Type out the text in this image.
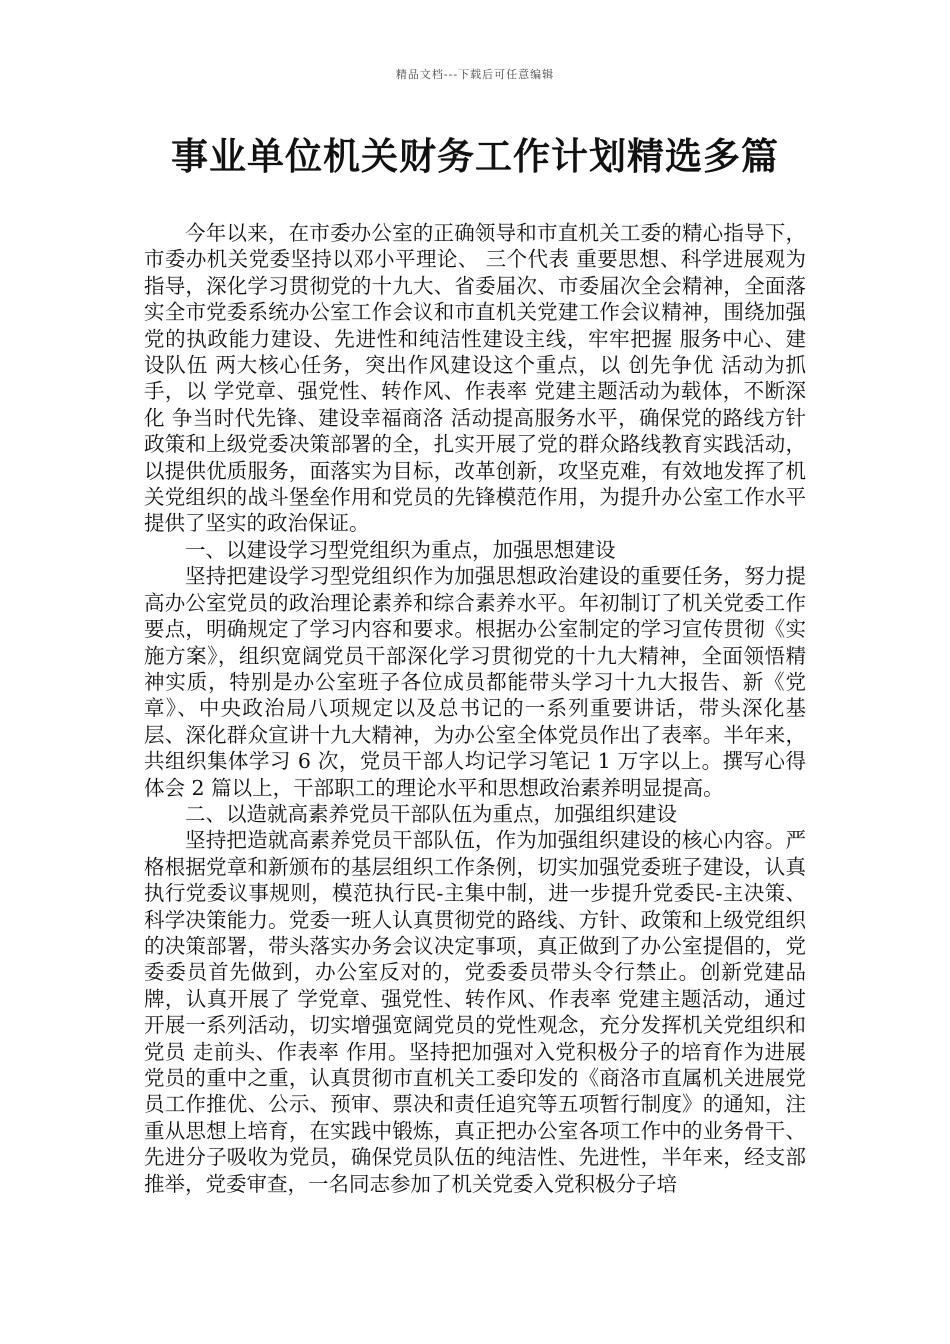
精品文档---下载后可任意编辑
事业单位机关财务工作计划精选多篇

今年以来，在市委办公室的正确领导和市直机关工委的精心指导下，市委办机关党委坚持以邓小平理论、 三个代表 重要思想、科学进展观为指导，深化学习贯彻党的十九大、省委届次、市委届次全会精神，全面落实全市党委系统办公室工作会议和市直机关党建工作会议精神，围绕加强党的执政能力建设、先进性和纯洁性建设主线，牢牢把握 服务中心、建设队伍 两大核心任务，突出作风建设这个重点，以 创先争优 活动为抓手，以 学党章、强党性、转作风、作表率 党建主题活动为载体，不断深化 争当时代先锋、建设幸福商洛 活动提高服务水平，确保党的路线方针政策和上级党委决策部署的全，扎实开展了党的群众路线教育实践活动，以提供优质服务，面落实为目标，改革创新，攻坚克难，有效地发挥了机关党组织的战斗堡垒作用和党员的先锋模范作用，为提升办公室工作水平提供了坚实的政治保证。

一、以建设学习型党组织为重点，加强思想建设

坚持把建设学习型党组织作为加强思想政治建设的重要任务，努力提高办公室党员的政治理论素养和综合素养水平。年初制订了机关党委工作要点，明确规定了学习内容和要求。根据办公室制定的学习宣传贯彻《实施方案》，组织宽阔党员干部深化学习贯彻党的十九大精神，全面领悟精神实质，特别是办公室班子各位成员都能带头学习十九大报告、新《党章》、中央政治局八项规定以及总书记的一系列重要讲话，带头深化基层、深化群众宣讲十九大精神，为办公室全体党员作出了表率。半年来，共组织集体学习 6 次，党员干部人均记学习笔记 1 万字以上。撰写心得体会 2 篇以上，干部职工的理论水平和思想政治素养明显提高。

二、以造就高素养党员干部队伍为重点，加强组织建设

坚持把造就高素养党员干部队伍，作为加强组织建设的核心内容。严格根据党章和新颁布的基层组织工作条例，切实加强党委班子建设，认真执行党委议事规则，模范执行民-主集中制，进一步提升党委民-主决策、科学决策能力。党委一班人认真贯彻党的路线、方针、政策和上级党组织的决策部署，带头落实办务会议决定事项，真正做到了办公室提倡的，党委委员首先做到，办公室反对的，党委委员带头令行禁止。创新党建品牌，认真开展了 学党章、强党性、转作风、作表率 党建主题活动，通过开展一系列活动，切实增强宽阔党员的党性观念，充分发挥机关党组织和党员 走前头、作表率 作用。坚持把加强对入党积极分子的培育作为进展党员的重中之重，认真贯彻市直机关工委印发的《商洛市直属机关进展党员工作推优、公示、预审、票决和责任追究等五项暂行制度》的通知，注重从思想上培育，在实践中锻炼，真正把办公室各项工作中的业务骨干、先进分子吸收为党员，确保党员队伍的纯洁性、先进性，半年来，经支部推举，党委审查，一名同志参加了机关党委入党积极分子培
